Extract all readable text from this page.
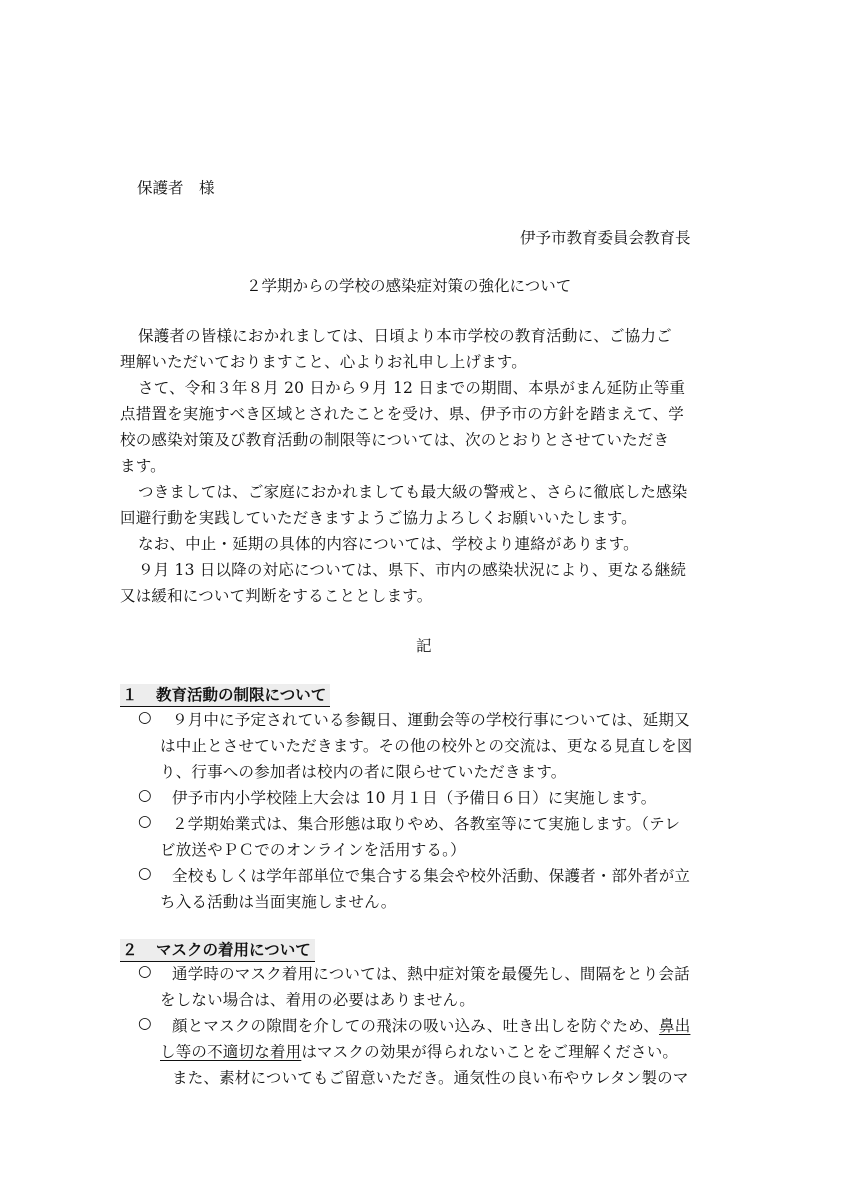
保護者　様
伊予市教育委員会教育長
２学期からの学校の感染症対策の強化について
保護者の皆様におかれましては、日頃より本市学校の教育活動に、ご協力ご
理解いただいておりますこと、心よりお礼申し上げます。
さて、令和３年８月 20 日から９月 12 日までの期間、本県がまん延防止等重
点措置を実施すべき区域とされたことを受け、県、伊予市の方針を踏まえて、学
校の感染対策及び教育活動の制限等については、次のとおりとさせていただき
ます。
つきましては、ご家庭におかれましても最大級の警戒と、さらに徹底した感染
回避行動を実践していただきますようご協力よろしくお願いいたします。
なお、中止・延期の具体的内容については、学校より連絡があります。
９月 13 日以降の対応については、県下、市内の感染状況により、更なる継続
又は緩和について判断をすることとします。
記
１ 教育活動の制限について
○ ９月中に予定されている参観日、運動会等の学校行事については、延期又
は中止とさせていただきます。その他の校外との交流は、更なる見直しを図
り、行事への参加者は校内の者に限らせていただきます。
○ 伊予市内小学校陸上大会は 10 月１日（予備日６日）に実施します。
○ ２学期始業式は、集合形態は取りやめ、各教室等にて実施します。（テレ
ビ放送やＰＣでのオンラインを活用する。）
○ 全校もしくは学年部単位で集合する集会や校外活動、保護者・部外者が立
ち入る活動は当面実施しません。
２ マスクの着用について
○ 通学時のマスク着用については、熱中症対策を最優先し、間隔をとり会話
をしない場合は、着用の必要はありません。
○ 顔とマスクの隙間を介しての飛沫の吸い込み、吐き出しを防ぐため、鼻出
し等の不適切な着用はマスクの効果が得られないことをご理解ください。
また、素材についてもご留意いただき。通気性の良い布やウレタン製のマ
